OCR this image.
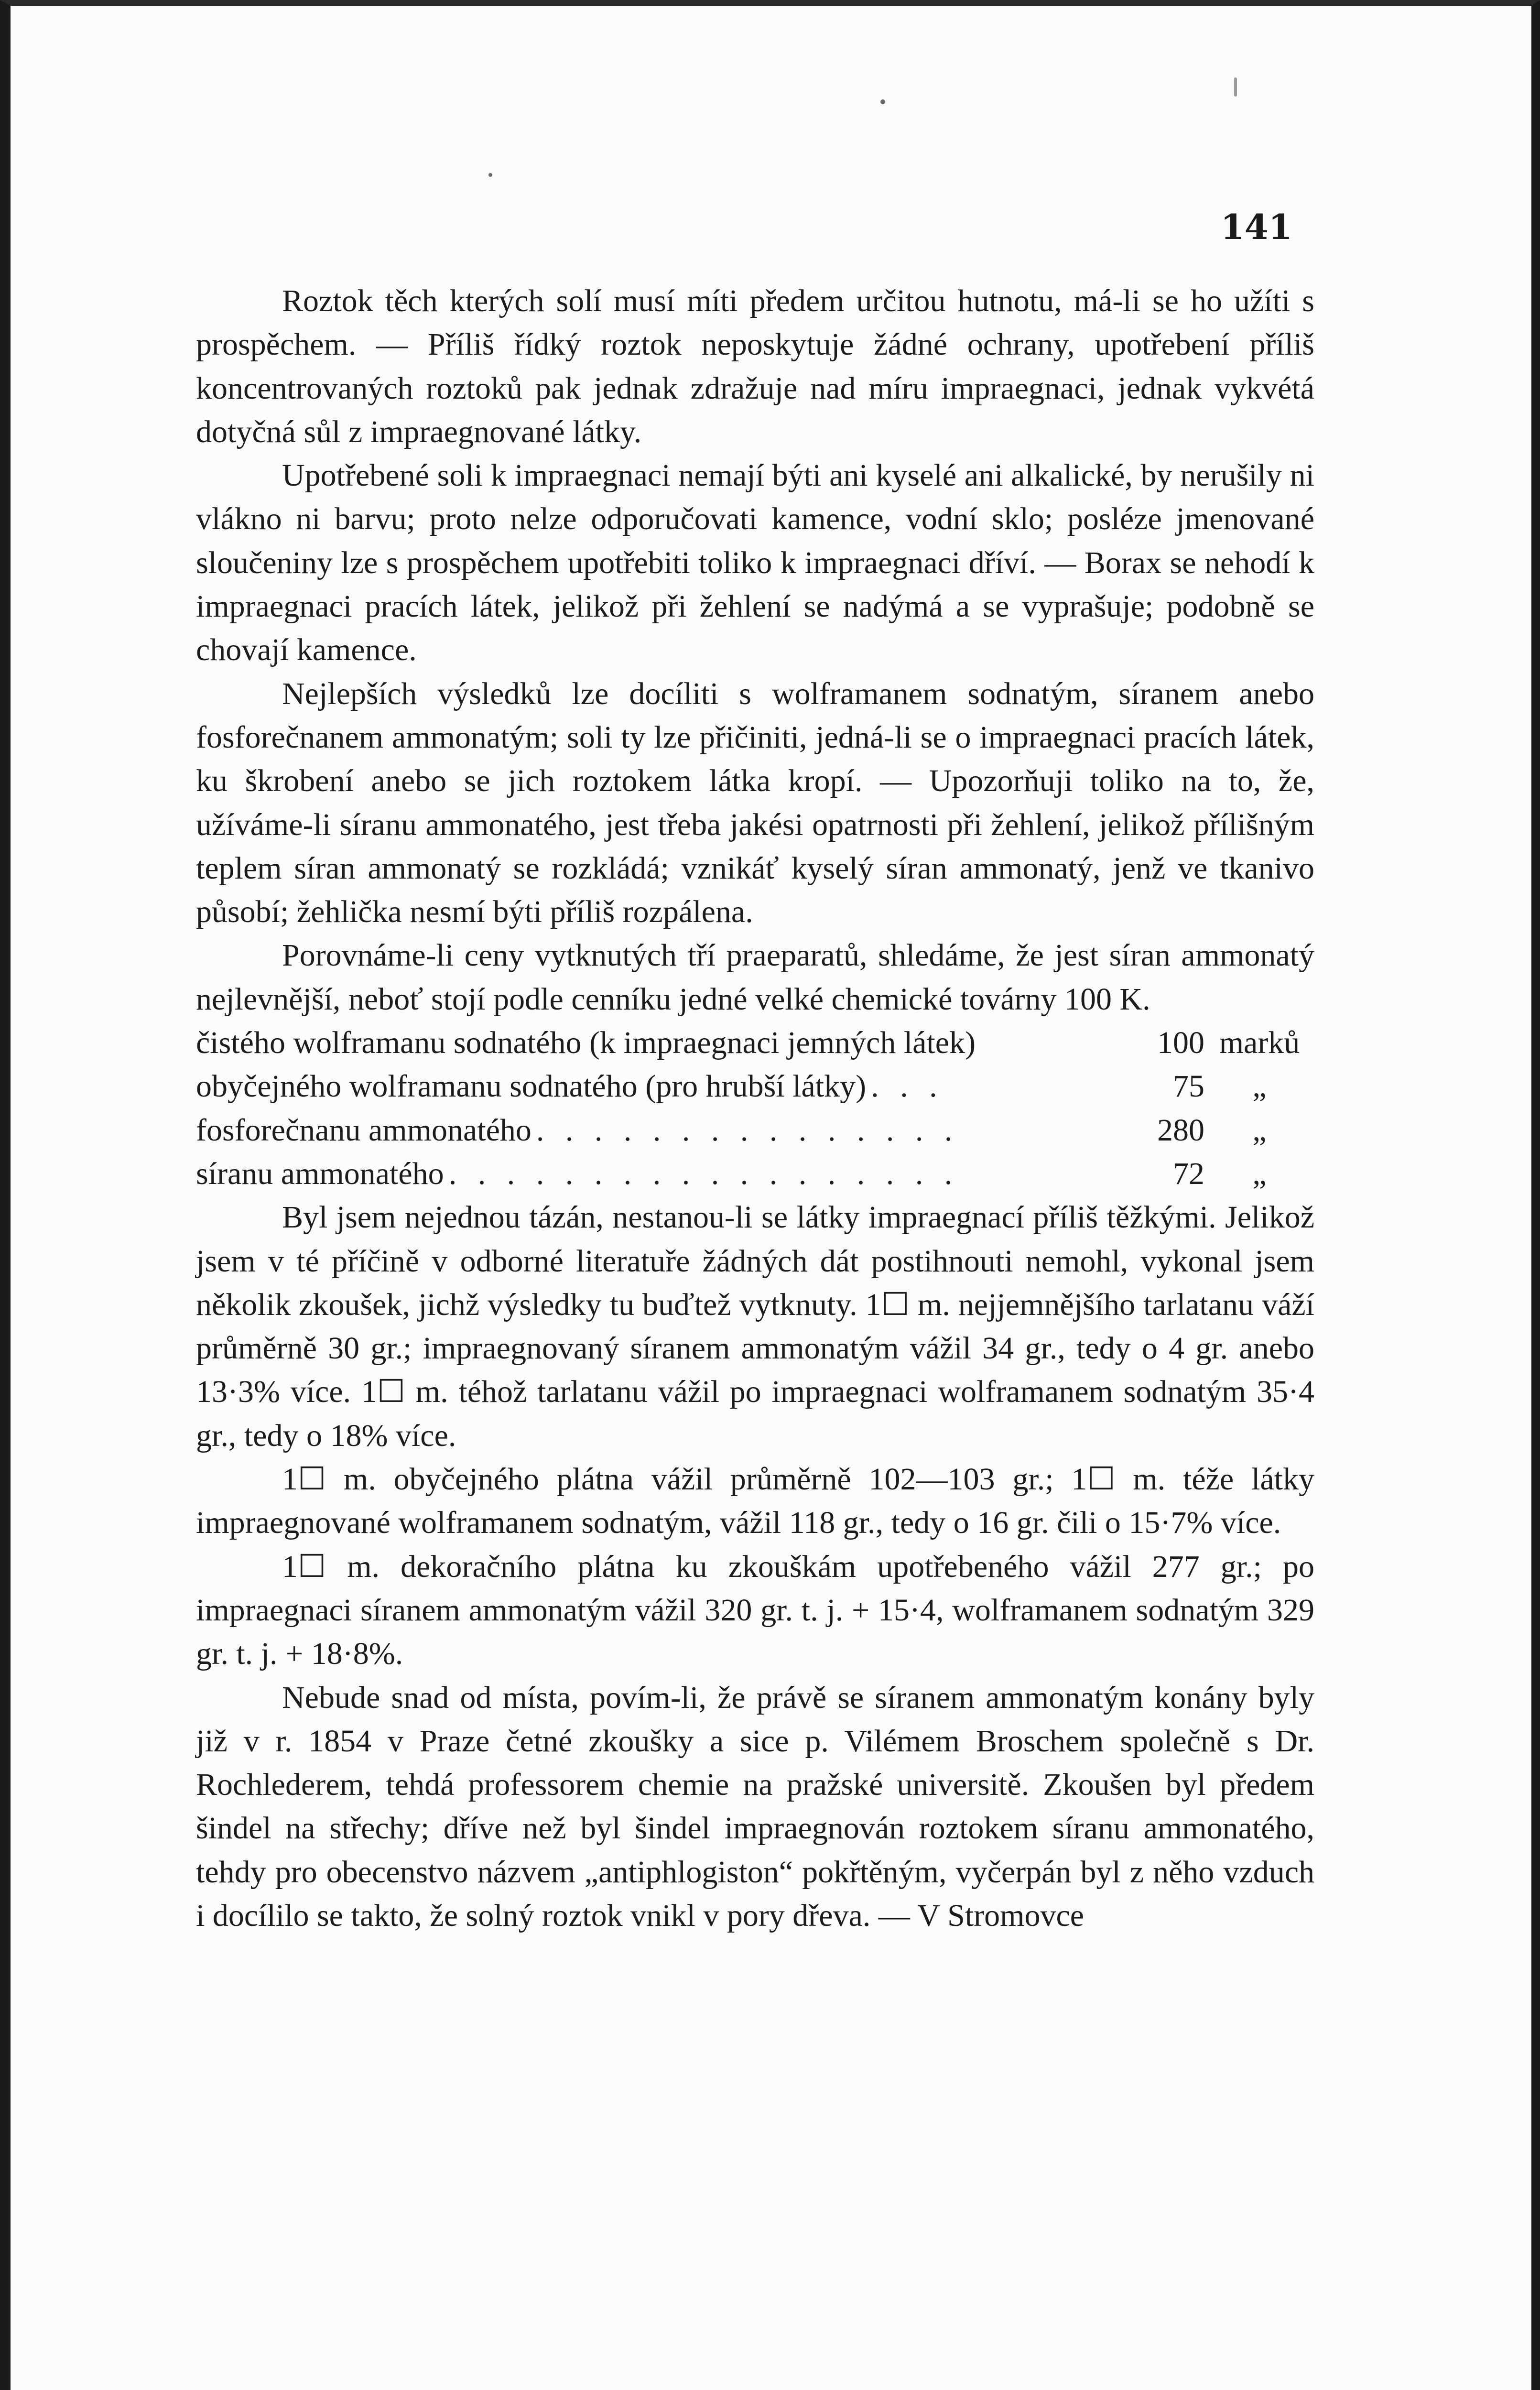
141

Roztok těch kterých solí musí míti předem určitou hutnotu, má-li se ho užíti s prospěchem. — Příliš řídký roztok neposkytuje žádné ochrany, upotřebení příliš koncentrovaných roztoků pak jednak zdražuje nad míru impraegnaci, jednak vykvétá dotyčná sůl z impraegnované látky.

Upotřebené soli k impraegnaci nemají býti ani kyselé ani alkalické, by nerušily ni vlákno ni barvu; proto nelze odporučovati kamence, vodní sklo; posléze jmenované sloučeniny lze s prospěchem upotřebiti toliko k impraegnaci dříví. — Borax se nehodí k impraegnaci pracích látek, jelikož při žehlení se nadýmá a se vyprašuje; podobně se chovají kamence.

Nejlepších výsledků lze docíliti s wolframanem sodnatým, síranem anebo fosforečnanem ammonatým; soli ty lze přičiniti, jedná-li se o impraegnaci pracích látek, ku škrobení anebo se jich roztokem látka kropí. — Upozorňuji toliko na to, že, užíváme-li síranu ammonatého, jest třeba jakési opatrnosti při žehlení, jelikož přílišným teplem síran ammonatý se rozkládá; vznikáť kyselý síran ammonatý, jenž ve tkanivo působí; žehlička nesmí býti příliš rozpálena.

Porovnáme-li ceny vytknutých tří praeparatů, shledáme, že jest síran ammonatý nejlevnější, neboť stojí podle cenníku jedné velké chemické továrny 100 K.

čistého wolframanu sodnatého (k impraegnaci jemných látek)	100 marků
obyčejného wolframanu sodnatého (pro hrubší látky) . . .	75	„
fosforečnanu ammonatého . . . . . . . . . . . . . . .	280	„
síranu ammonatého . . . . . . . . . . . . . . . . . .	72	„

Byl jsem nejednou tázán, nestanou-li se látky impraegnací příliš těžkými. Jelikož jsem v té příčině v odborné literatuře žádných dát postihnouti nemohl, vykonal jsem několik zkoušek, jichž výsledky tu buďtež vytknuty. 1☐ m. nejjemnějšího tarlatanu váží průměrně 30 gr.; impraegnovaný síranem ammonatým vážil 34 gr., tedy o 4 gr. anebo 13·3% více. 1☐ m. téhož tarlatanu vážil po impraegnaci wolframanem sodnatým 35·4 gr., tedy o 18% více.

1☐ m. obyčejného plátna vážil průměrně 102—103 gr.; 1☐ m. téže látky impraegnované wolframanem sodnatým, vážil 118 gr., tedy o 16 gr. čili o 15·7% více.

1☐ m. dekoračního plátna ku zkouškám upotřebeného vážil 277 gr.; po impraegnaci síranem ammonatým vážil 320 gr. t. j. + 15·4, wolframanem sodnatým 329 gr. t. j. + 18·8%.

Nebude snad od místa, povím-li, že právě se síranem ammonatým konány byly již v r. 1854 v Praze četné zkoušky a sice p. Vilémem Broschem společně s Dr. Rochlederem, tehdá professorem chemie na pražské universitě. Zkoušen byl předem šindel na střechy; dříve než byl šindel impraegnován roztokem síranu ammonatého, tehdy pro obecenstvo názvem „antiphlogiston“ pokřtěným, vyčerpán byl z něho vzduch i docílilo se takto, že solný roztok vnikl v pory dřeva. — V Stromovce
